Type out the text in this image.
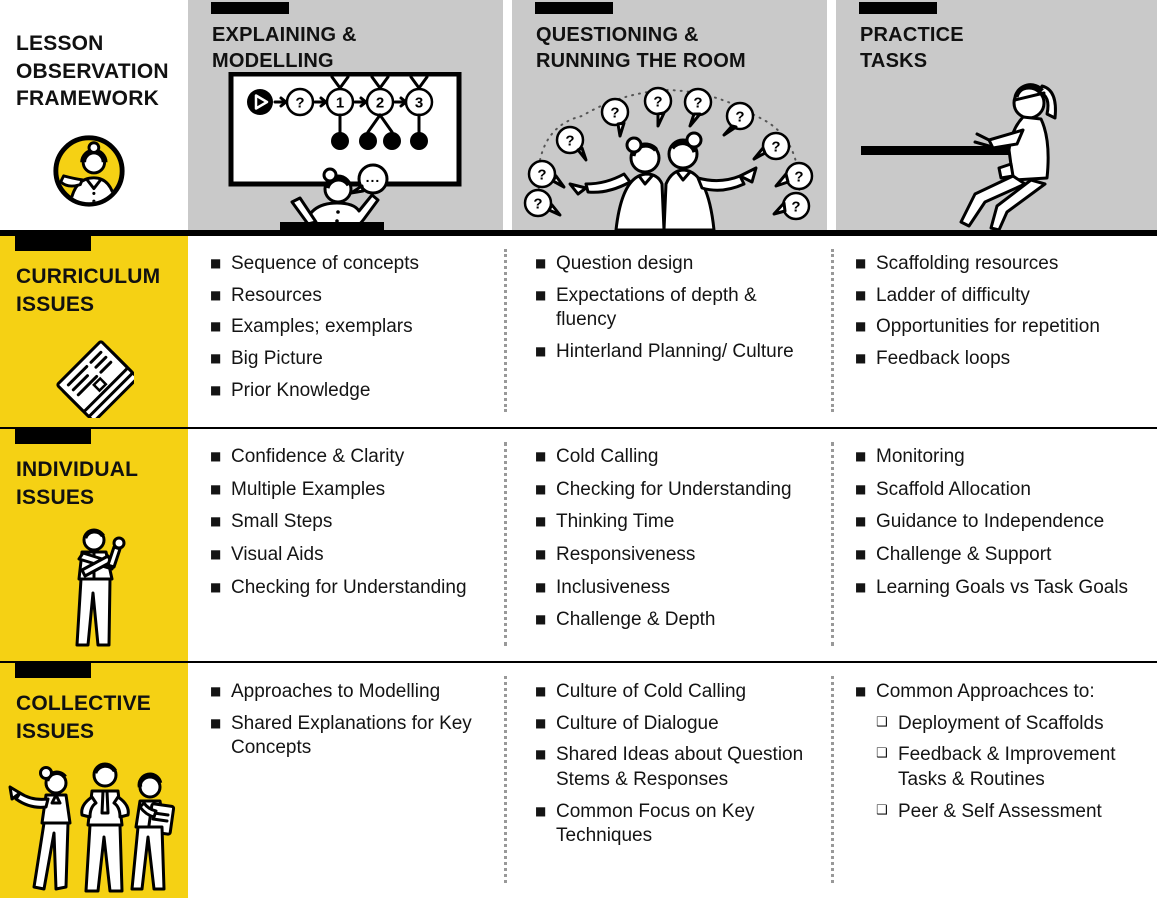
LESSON
OBSERVATION
FRAMEWORK
EXPLAINING &
MODELLING
? 1 2 3
...
QUESTIONING &
RUNNING THE ROOM
?
?
?
?
? ?
?
?
?
?
PRACTICE
TASKS
CURRICULUM
ISSUES
■ Sequence of concepts
■ Resources
■ Examples; exemplars
■ Big Picture
■ Prior Knowledge
■ Question design
■ Expectations of depth & fluency
■ Hinterland Planning/ Culture
■ Scaffolding resources
■ Ladder of difficulty
■ Opportunities for repetition
■ Feedback loops
INDIVIDUAL
ISSUES
■ Confidence & Clarity
■ Multiple Examples
■ Small Steps
■ Visual Aids
■ Checking for Understanding
■ Cold Calling
■ Checking for Understanding
■ Thinking Time
■ Responsiveness
■ Inclusiveness
■ Challenge & Depth
■ Monitoring
■ Scaffold Allocation
■ Guidance to Independence
■ Challenge & Support
■ Learning Goals vs Task Goals
COLLECTIVE
ISSUES
■ Approaches to Modelling
■ Shared Explanations for Key Concepts
■ Culture of Cold Calling
■ Culture of Dialogue
■ Shared Ideas about Question Stems & Responses
■ Common Focus on Key Techniques
■ Common Approachces to:
❑ Deployment of Scaffolds
❑ Feedback & Improvement Tasks & Routines
❑ Peer & Self Assessment
